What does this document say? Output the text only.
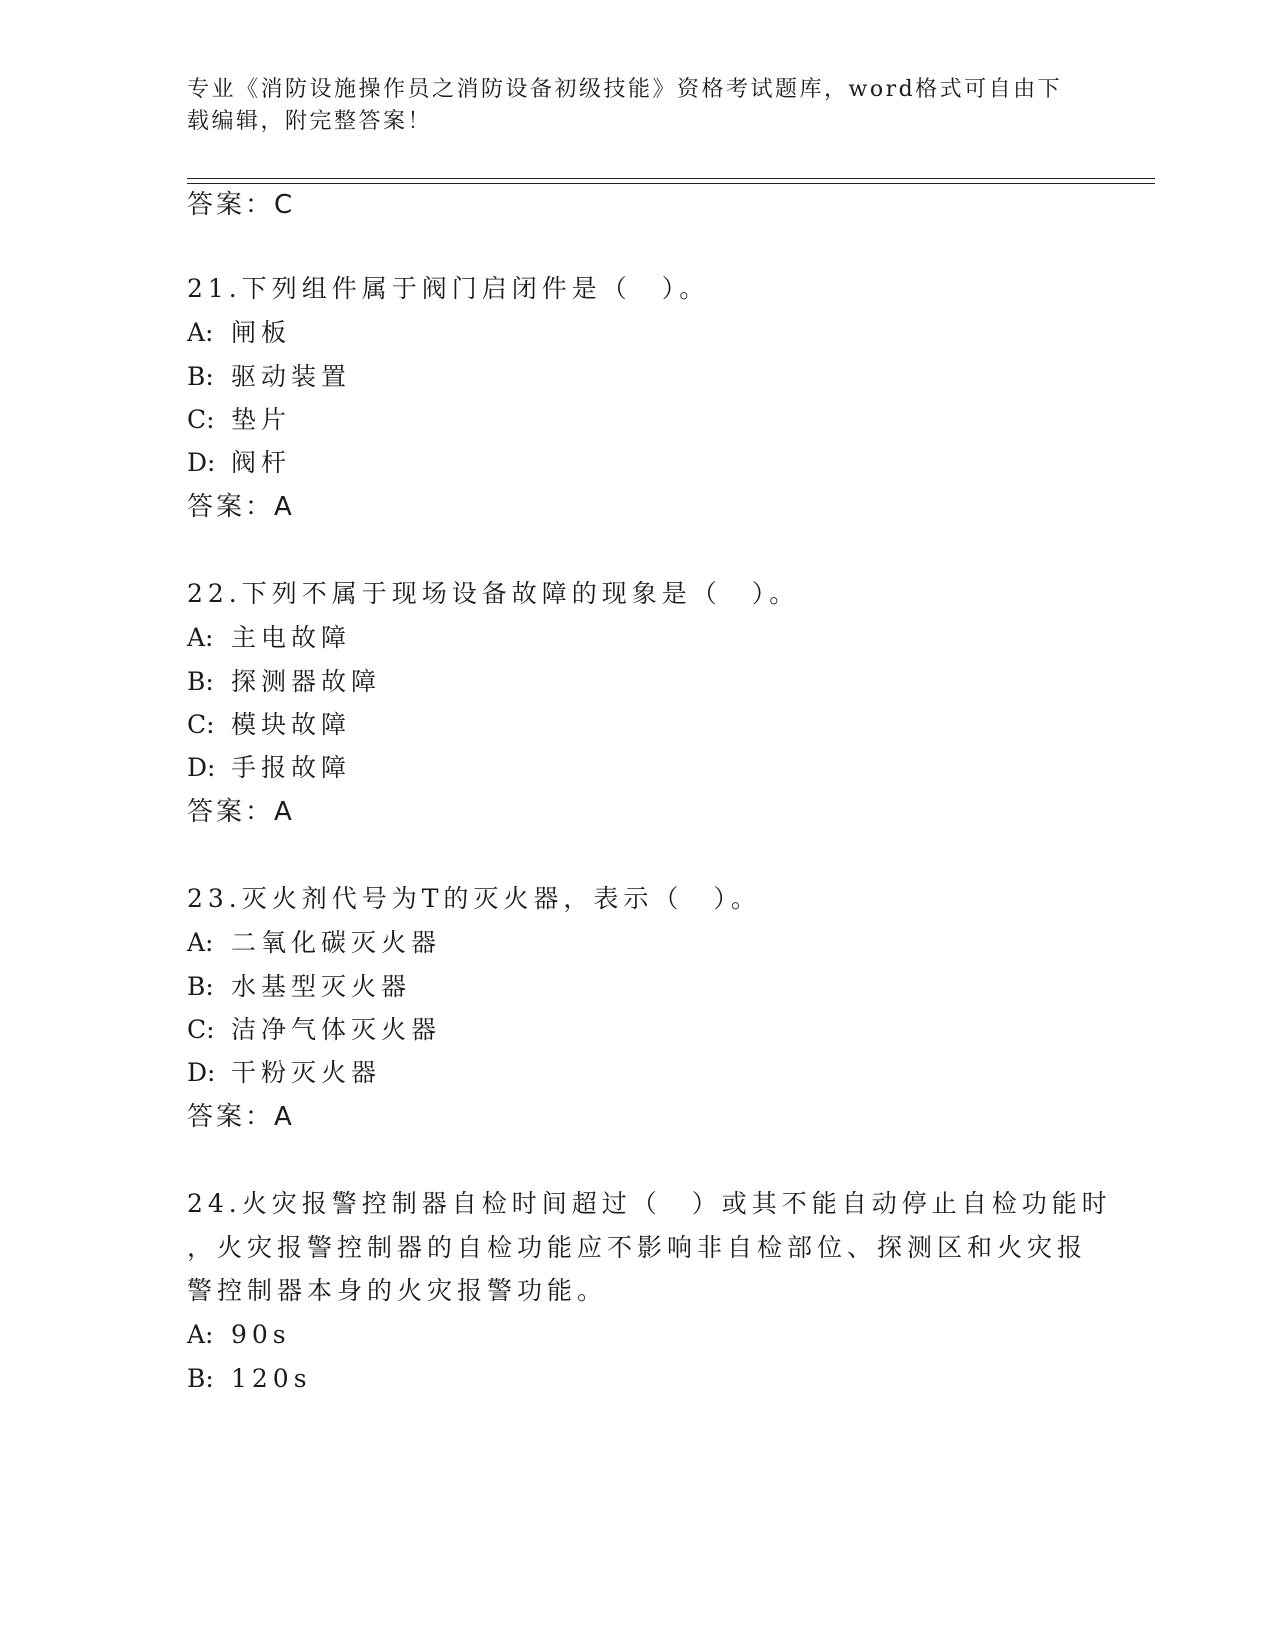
专业《消防设施操作员之消防设备初级技能》资格考试题库，word格式可自由下
载编辑，附完整答案！
答案：C
21.下列组件属于阀门启闭件是（　）。
A: 闸板
B: 驱动装置
C: 垫片
D: 阀杆
答案：A
22.下列不属于现场设备故障的现象是（　）。
A: 主电故障
B: 探测器故障
C: 模块故障
D: 手报故障
答案：A
23.灭火剂代号为T的灭火器，表示（　）。
A: 二氧化碳灭火器
B: 水基型灭火器
C: 洁净气体灭火器
D: 干粉灭火器
答案：A
24.火灾报警控制器自检时间超过（　）或其不能自动停止自检功能时
，火灾报警控制器的自检功能应不影响非自检部位、探测区和火灾报
警控制器本身的火灾报警功能。
A: 90s
B: 120s
